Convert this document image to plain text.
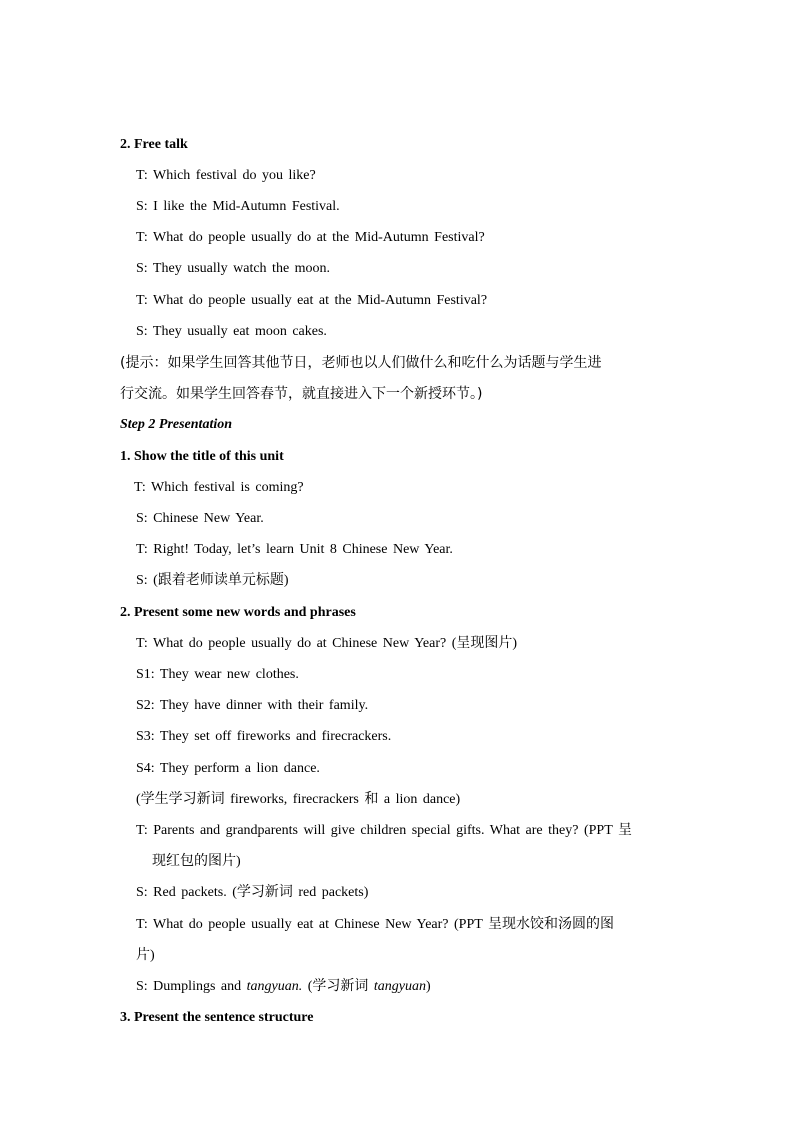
2. Free talk
T: Which festival do you like?
S: I like the Mid-Autumn Festival.
T: What do people usually do at the Mid-Autumn Festival?
S: They usually watch the moon.
T: What do people usually eat at the Mid-Autumn Festival?
S: They usually eat moon cakes.
(提示：如果学生回答其他节日，老师也以人们做什么和吃什么为话题与学生进
行交流。如果学生回答春节，就直接进入下一个新授环节。)
Step 2 Presentation
1. Show the title of this unit
T: Which festival is coming?
S: Chinese New Year.
T: Right! Today, let’s learn Unit 8 Chinese New Year.
S: (跟着老师读单元标题)
2. Present some new words and phrases
T: What do people usually do at Chinese New Year? (呈现图片)
S1: They wear new clothes.
S2: They have dinner with their family.
S3: They set off fireworks and firecrackers.
S4: They perform a lion dance.
(学生学习新词 fireworks, firecrackers 和 a lion dance)
T: Parents and grandparents will give children special gifts. What are they? (PPT 呈
现红包的图片)
S: Red packets. (学习新词 red packets)
T: What do people usually eat at Chinese New Year? (PPT 呈现水饺和汤圆的图
片)
S: Dumplings and tangyuan. (学习新词 tangyuan)
3. Present the sentence structure
